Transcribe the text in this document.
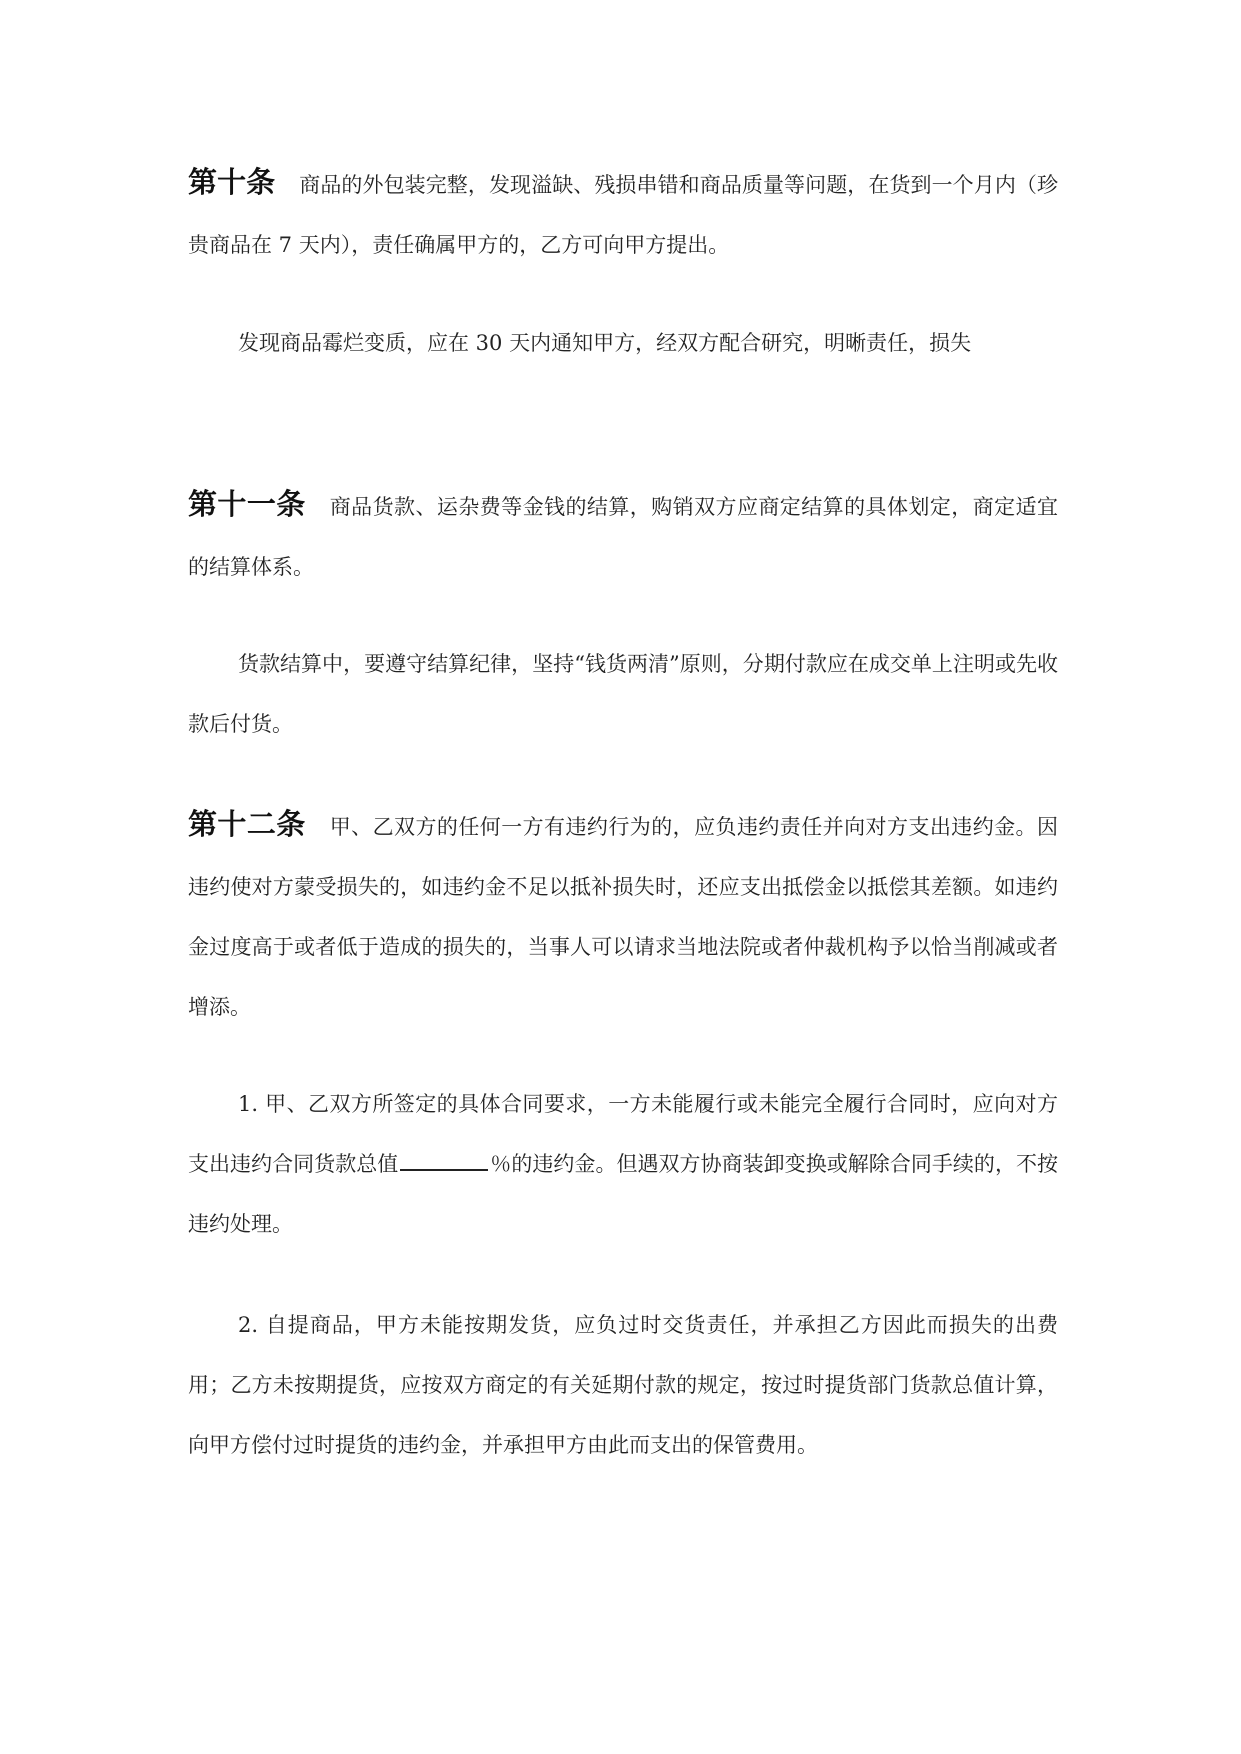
第十条 商品的外包装完整，发现溢缺、残损串错和商品质量等问题，在货到一个月内（珍贵商品在 7 天内），责任确属甲方的，乙方可向甲方提出。

发现商品霉烂变质，应在 30 天内通知甲方，经双方配合研究，明晰责任，损失

第十一条 商品货款、运杂费等金钱的结算，购销双方应商定结算的具体划定，商定适宜的结算体系。

货款结算中，要遵守结算纪律，坚持“钱货两清”原则，分期付款应在成交单上注明或先收款后付货。

第十二条 甲、乙双方的任何一方有违约行为的，应负违约责任并向对方支出违约金。因违约使对方蒙受损失的，如违约金不足以抵补损失时，还应支出抵偿金以抵偿其差额。如违约金过度高于或者低于造成的损失的，当事人可以请求当地法院或者仲裁机构予以恰当削减或者增添。

1. 甲、乙双方所签定的具体合同要求，一方未能履行或未能完全履行合同时，应向对方支出违约合同货款总值	％的违约金。但遇双方协商装卸变换或解除合同手续的，不按违约处理。

2. 自提商品，甲方未能按期发货，应负过时交货责任，并承担乙方因此而损失的出费用；乙方未按期提货，应按双方商定的有关延期付款的规定，按过时提货部门货款总值计算，向甲方偿付过时提货的违约金，并承担甲方由此而支出的保管费用。
